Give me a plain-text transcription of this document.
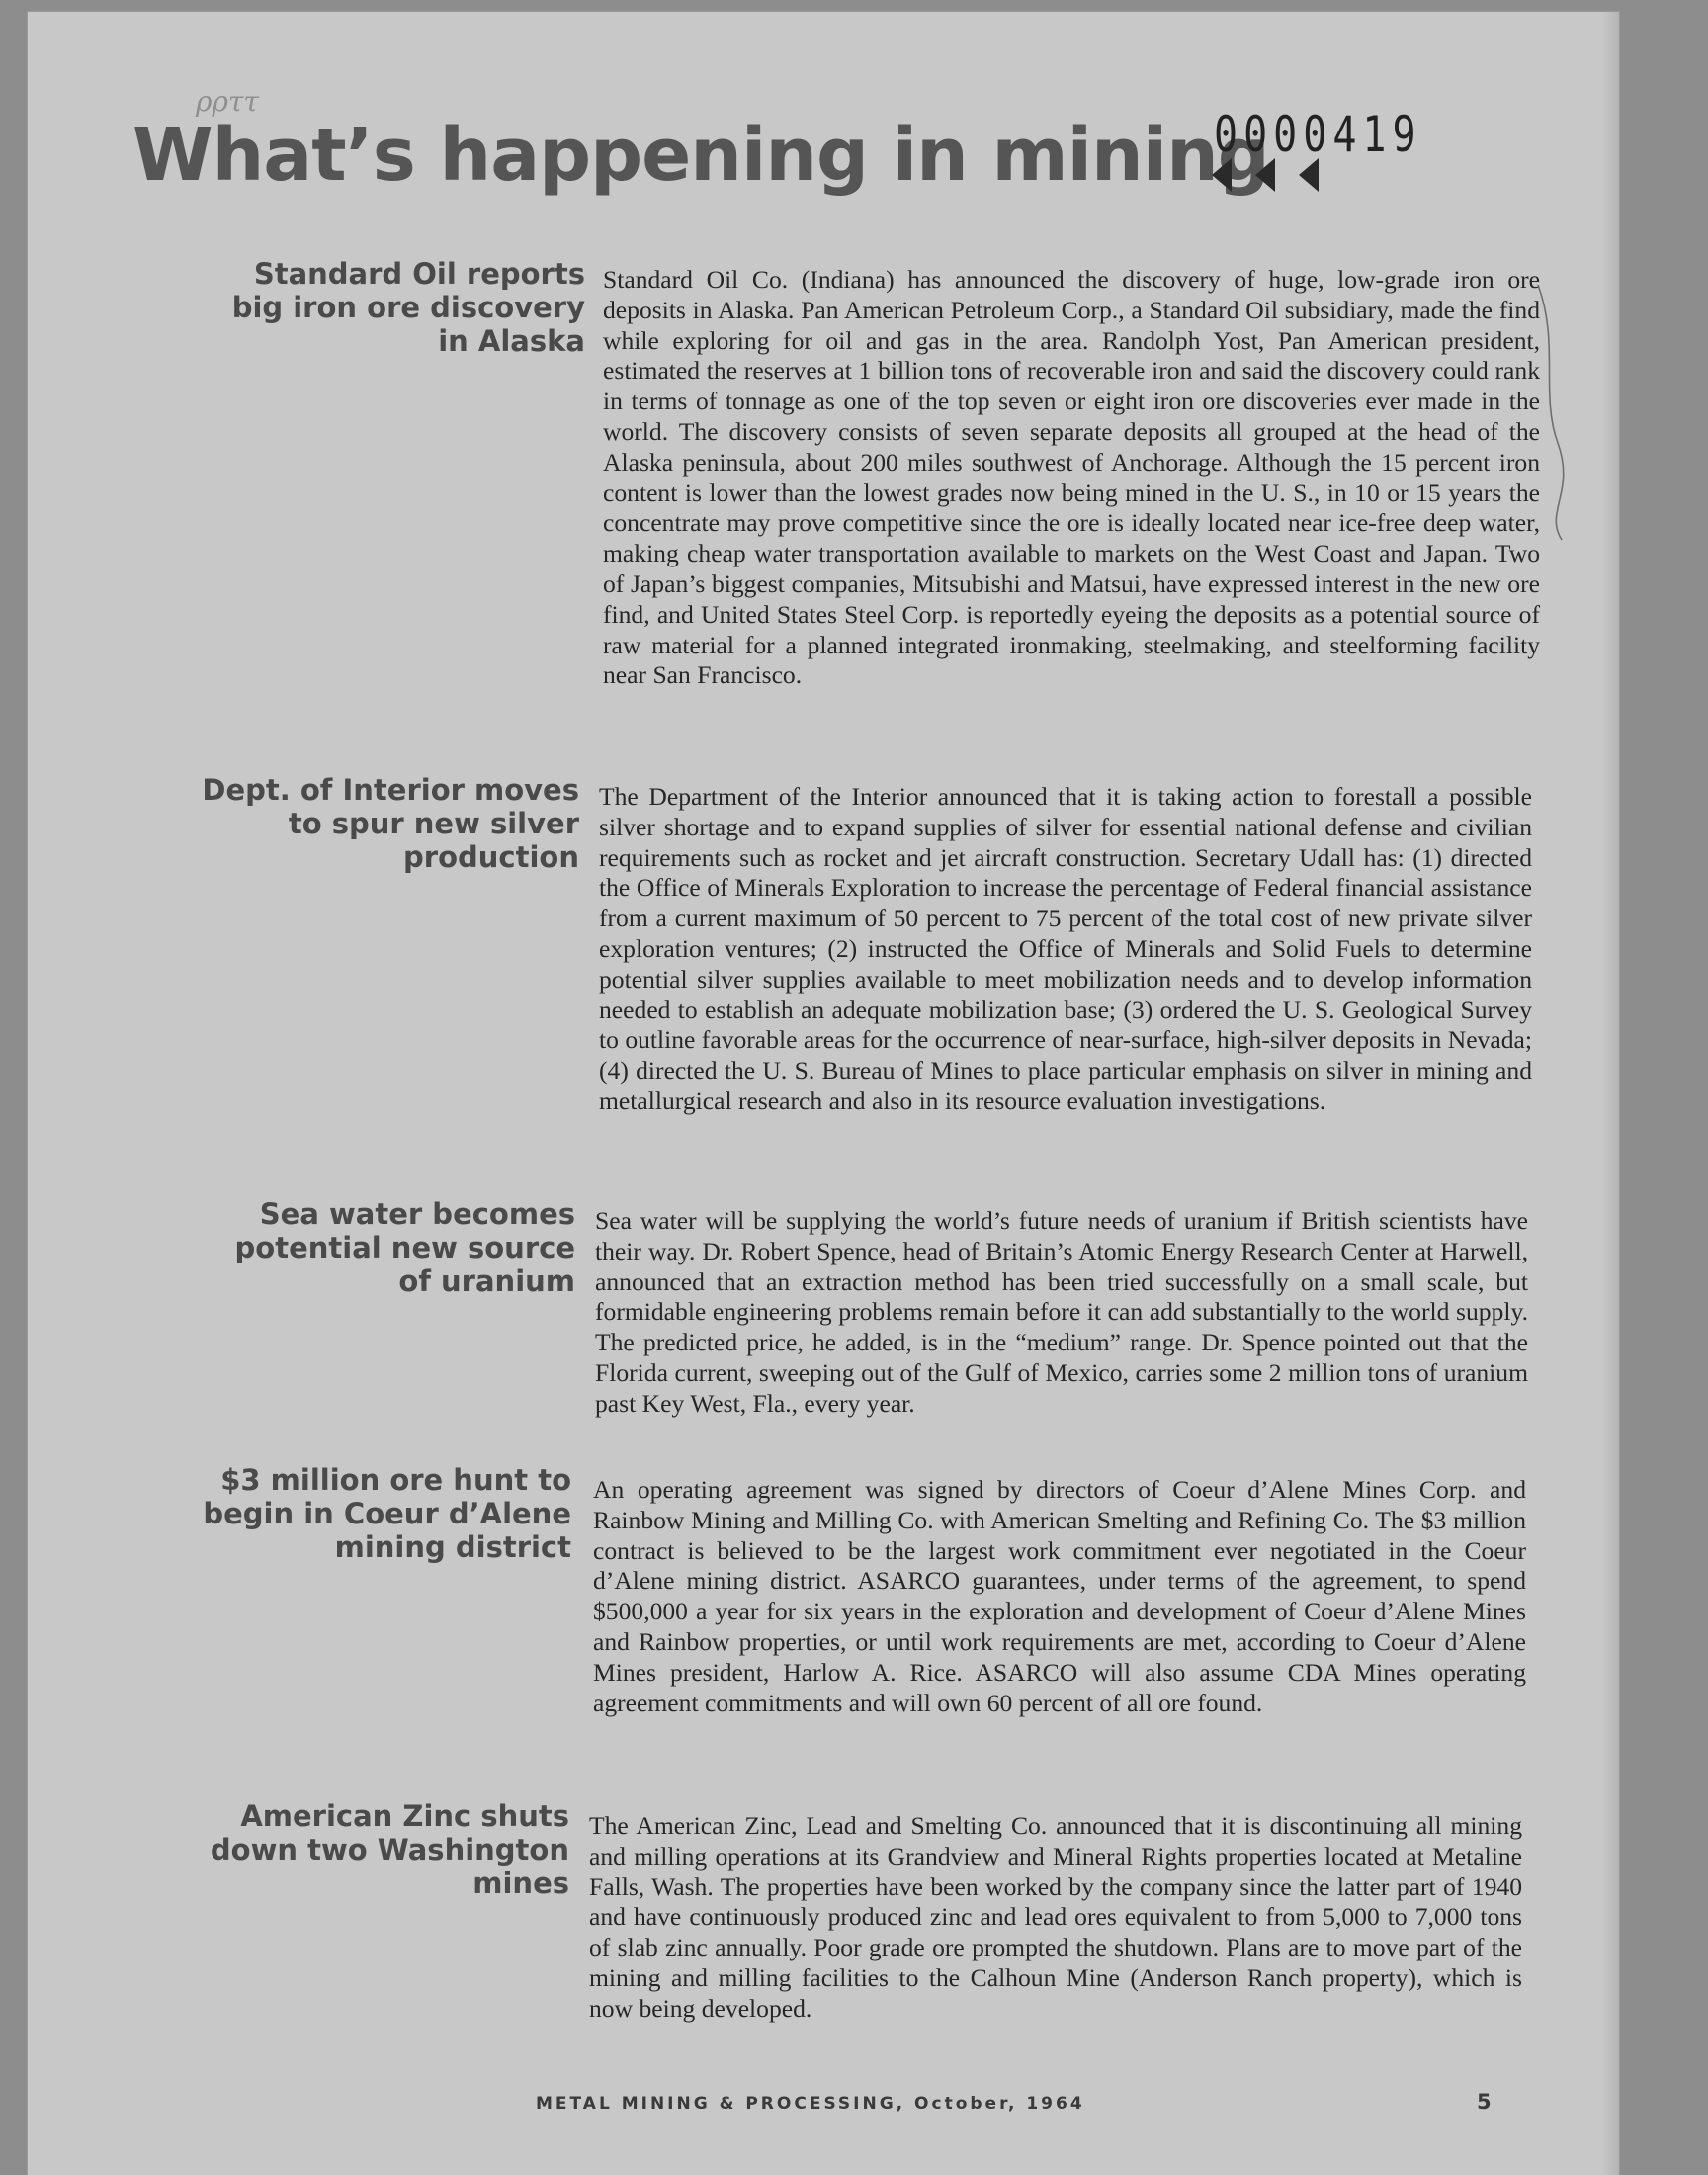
ρρττ
What’s happening in mining
0000419
Standard Oil reports
big iron ore discovery
in Alaska
Standard Oil Co. (Indiana) has announced the discovery of huge, low-grade iron ore deposits in Alaska. Pan American Petroleum Corp., a Standard Oil subsidiary, made the find while exploring for oil and gas in the area. Randolph Yost, Pan American president, estimated the reserves at 1 billion tons of recoverable iron and said the discovery could rank in terms of tonnage as one of the top seven or eight iron ore discoveries ever made in the world. The discovery consists of seven separate deposits all grouped at the head of the Alaska peninsula, about 200 miles southwest of Anchorage. Although the 15 percent iron content is lower than the lowest grades now being mined in the U. S., in 10 or 15 years the concentrate may prove competitive since the ore is ideally located near ice-free deep water, making cheap water transportation available to markets on the West Coast and Japan. Two of Japan’s biggest companies, Mitsubishi and Matsui, have expressed interest in the new ore find, and United States Steel Corp. is reportedly eyeing the deposits as a potential source of raw material for a planned integrated ironmaking, steelmaking, and steelforming facility near San Francisco.
Dept. of Interior moves
to spur new silver
production
The Department of the Interior announced that it is taking action to forestall a possible silver shortage and to expand supplies of silver for essential national defense and civilian requirements such as rocket and jet aircraft construction. Secretary Udall has: (1) directed the Office of Minerals Exploration to increase the percentage of Federal financial assistance from a current maximum of 50 percent to 75 percent of the total cost of new private silver exploration ventures; (2) instructed the Office of Minerals and Solid Fuels to determine potential silver supplies available to meet mobilization needs and to develop information needed to establish an adequate mobilization base; (3) ordered the U. S. Geological Survey to outline favorable areas for the occurrence of near-surface, high-silver deposits in Nevada; (4) directed the U. S. Bureau of Mines to place particular emphasis on silver in mining and metallurgical research and also in its resource evaluation investigations.
Sea water becomes
potential new source
of uranium
Sea water will be supplying the world’s future needs of uranium if British scientists have their way. Dr. Robert Spence, head of Britain’s Atomic Energy Research Center at Harwell, announced that an extraction method has been tried successfully on a small scale, but formidable engineering problems remain before it can add substantially to the world supply. The predicted price, he added, is in the “medium” range. Dr. Spence pointed out that the Florida current, sweeping out of the Gulf of Mexico, carries some 2 million tons of uranium past Key West, Fla., every year.
$3 million ore hunt to
begin in Coeur d’Alene
mining district
An operating agreement was signed by directors of Coeur d’Alene Mines Corp. and Rainbow Mining and Milling Co. with American Smelting and Refining Co. The $3 million contract is believed to be the largest work commitment ever negotiated in the Coeur d’Alene mining district. ASARCO guarantees, under terms of the agreement, to spend $500,000 a year for six years in the exploration and development of Coeur d’Alene Mines and Rainbow properties, or until work requirements are met, according to Coeur d’Alene Mines president, Harlow A. Rice. ASARCO will also assume CDA Mines operating agreement commitments and will own 60 percent of all ore found.
American Zinc shuts
down two Washington
mines
The American Zinc, Lead and Smelting Co. announced that it is discontinuing all mining and milling operations at its Grandview and Mineral Rights properties located at Metaline Falls, Wash. The properties have been worked by the company since the latter part of 1940 and have continuously produced zinc and lead ores equivalent to from 5,000 to 7,000 tons of slab zinc annually. Poor grade ore prompted the shutdown. Plans are to move part of the mining and milling facilities to the Calhoun Mine (Anderson Ranch property), which is now being developed.
METAL MINING & PROCESSING, October, 1964	5
